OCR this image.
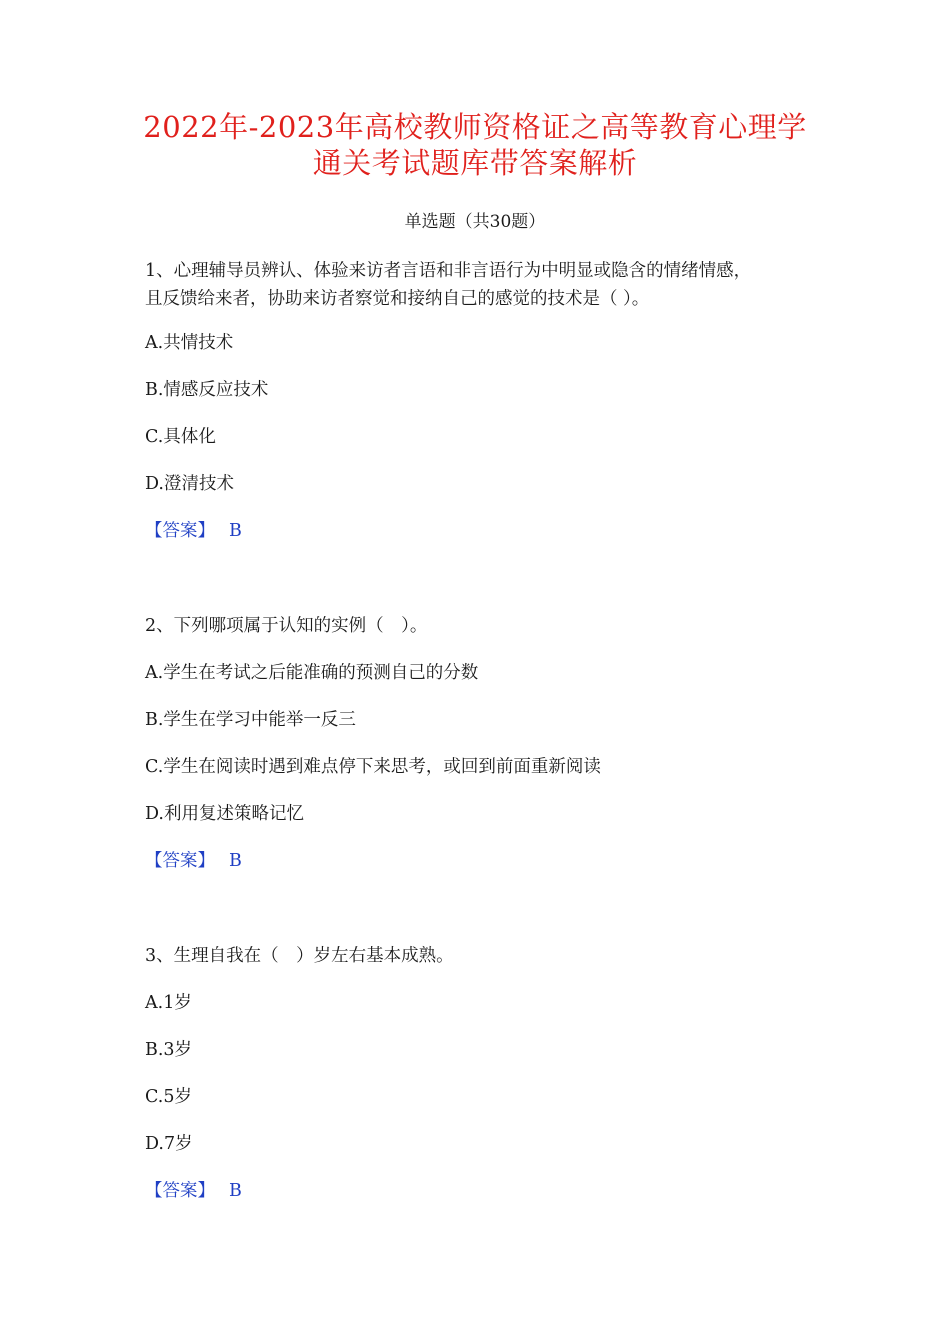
2022年-2023年高校教师资格证之高等教育心理学
通关考试题库带答案解析
单选题（共30题）
1、心理辅导员辨认、体验来访者言语和非言语行为中明显或隐含的情绪情感，
且反馈给来者，协助来访者察觉和接纳自己的感觉的技术是（ ）。
A.共情技术
B.情感反应技术
C.具体化
D.澄清技术
【答案】 B
2、下列哪项属于认知的实例（　）。
A.学生在考试之后能准确的预测自己的分数
B.学生在学习中能举一反三
C.学生在阅读时遇到难点停下来思考，或回到前面重新阅读
D.利用复述策略记忆
【答案】 B
3、生理自我在（　）岁左右基本成熟。
A.1岁
B.3岁
C.5岁
D.7岁
【答案】 B
